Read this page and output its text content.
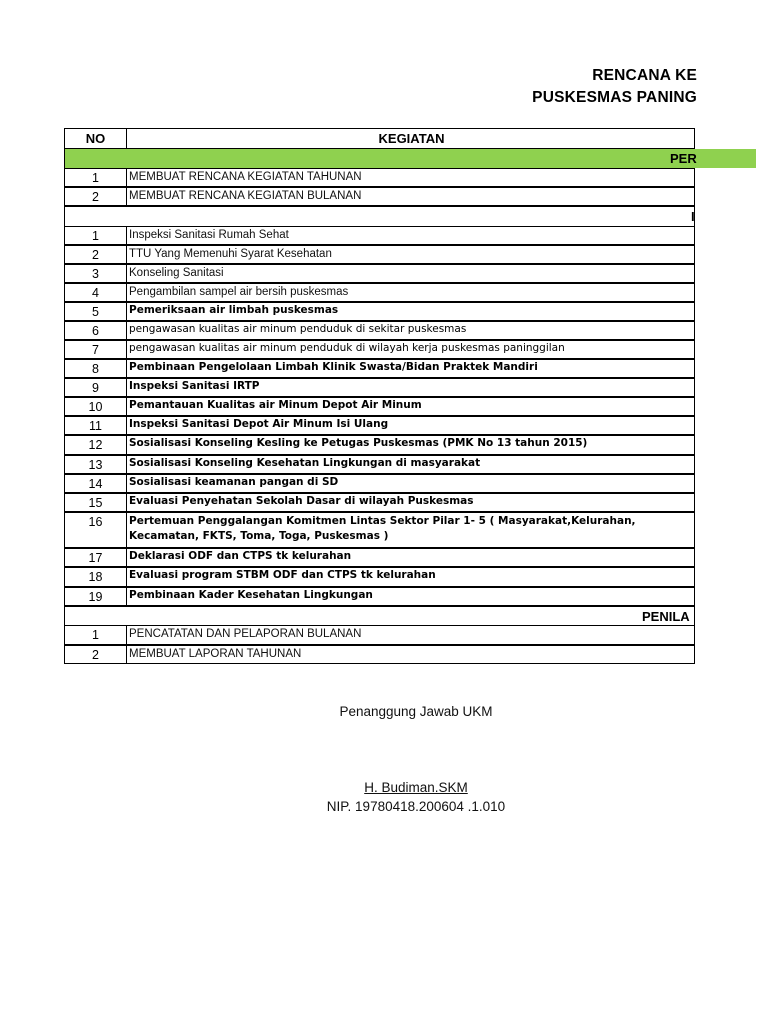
RENCANA KE
PUSKESMAS PANING
NO	KEGIATAN
PER
1	MEMBUAT RENCANA KEGIATAN TAHUNAN
2	MEMBUAT RENCANA KEGIATAN BULANAN
1	Inspeksi Sanitasi Rumah Sehat
2	TTU Yang Memenuhi Syarat Kesehatan
3	Konseling Sanitasi
4	Pengambilan sampel air bersih puskesmas
5	Pemeriksaan air limbah puskesmas
6	pengawasan kualitas air minum penduduk di sekitar puskesmas
7	pengawasan kualitas air minum penduduk di wilayah kerja puskesmas paninggilan
8	Pembinaan Pengelolaan Limbah Klinik Swasta/Bidan Praktek Mandiri
9	Inspeksi Sanitasi IRTP
10	Pemantauan Kualitas air Minum Depot Air Minum
11	Inspeksi Sanitasi Depot Air Minum Isi Ulang
12	Sosialisasi Konseling Kesling ke Petugas Puskesmas (PMK No 13 tahun 2015)
13	Sosialisasi Konseling Kesehatan Lingkungan di masyarakat
14	Sosialisasi keamanan pangan di SD
15	Evaluasi Penyehatan Sekolah Dasar di wilayah Puskesmas
16	Pertemuan Penggalangan Komitmen Lintas Sektor Pilar 1- 5 ( Masyarakat,Kelurahan, Kecamatan, FKTS, Toma, Toga, Puskesmas )
17	Deklarasi ODF dan CTPS tk kelurahan
18	Evaluasi program STBM ODF dan CTPS tk kelurahan
19	Pembinaan Kader Kesehatan Lingkungan
1	PENCATATAN DAN PELAPORAN BULANAN
2	MEMBUAT LAPORAN TAHUNAN
I
PENILA
Penanggung Jawab UKM
H. Budiman.SKM
NIP. 19780418.200604 .1.010
